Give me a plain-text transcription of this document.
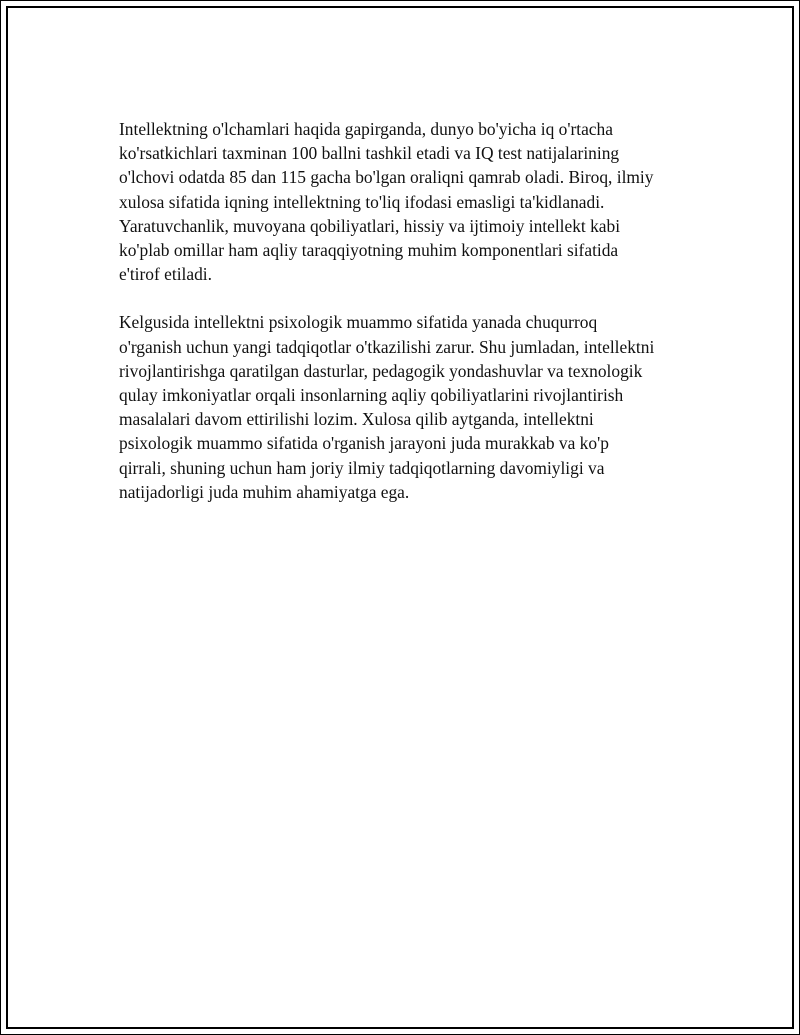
Intellektning o'lchamlari haqida gapirganda, dunyo bo'yicha iq o'rtacha
ko'rsatkichlari taxminan 100 ballni tashkil etadi va IQ test natijalarining
o'lchovi odatda 85 dan 115 gacha bo'lgan oraliqni qamrab oladi. Biroq, ilmiy
xulosa sifatida iqning intellektning to'liq ifodasi emasligi ta'kidlanadi.
Yaratuvchanlik, muvoyana qobiliyatlari, hissiy va ijtimoiy intellekt kabi
ko'plab omillar ham aqliy taraqqiyotning muhim komponentlari sifatida
e'tirof etiladi.

Kelgusida intellektni psixologik muammo sifatida yanada chuqurroq
o'rganish uchun yangi tadqiqotlar o'tkazilishi zarur. Shu jumladan, intellektni
rivojlantirishga qaratilgan dasturlar, pedagogik yondashuvlar va texnologik
qulay imkoniyatlar orqali insonlarning aqliy qobiliyatlarini rivojlantirish
masalalari davom ettirilishi lozim. Xulosa qilib aytganda, intellektni
psixologik muammo sifatida o'rganish jarayoni juda murakkab va ko'p
qirrali, shuning uchun ham joriy ilmiy tadqiqotlarning davomiyligi va
natijadorligi juda muhim ahamiyatga ega.
